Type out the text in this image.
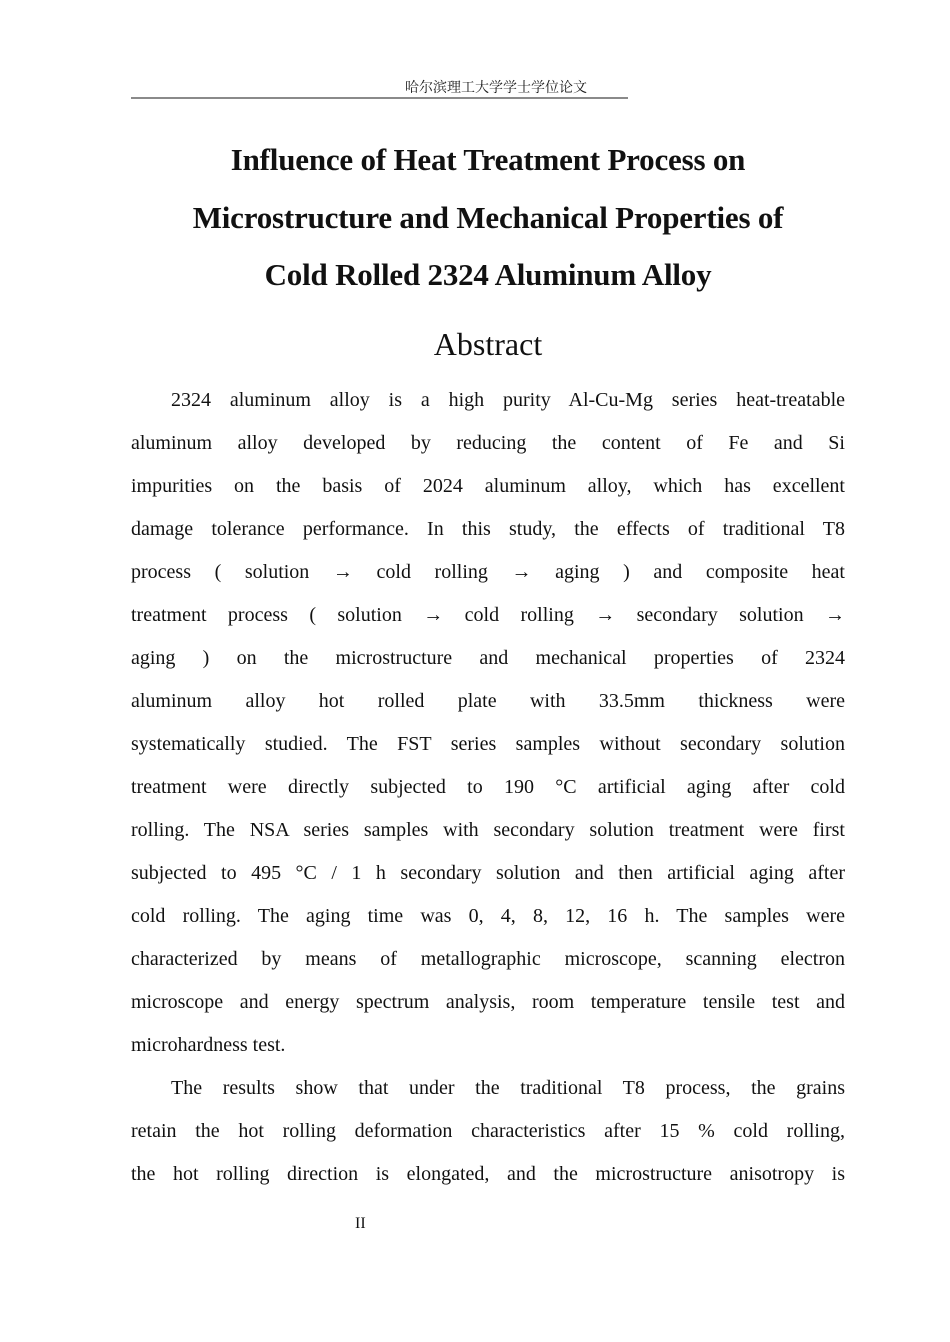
哈尔滨理工大学学士学位论文
Influence of Heat Treatment Process on
Microstructure and Mechanical Properties of
Cold Rolled 2324 Aluminum Alloy
Abstract
2324 aluminum alloy is a high purity Al-Cu-Mg series heat-treatable
aluminum alloy developed by reducing the content of Fe and Si
impurities on the basis of 2024 aluminum alloy, which has excellent
damage tolerance performance. In this study, the effects of traditional T8
process ( solution → cold rolling → aging ) and composite heat
treatment process ( solution → cold rolling → secondary solution →
aging ) on the microstructure and mechanical properties of 2324
aluminum alloy hot rolled plate with 33.5mm thickness were
systematically studied. The FST series samples without secondary solution
treatment were directly subjected to 190 °C artificial aging after cold
rolling. The NSA series samples with secondary solution treatment were first
subjected to 495 °C / 1 h secondary solution and then artificial aging after
cold rolling. The aging time was 0, 4, 8, 12, 16 h. The samples were
characterized by means of metallographic microscope, scanning electron
microscope and energy spectrum analysis, room temperature tensile test and
microhardness test.
The results show that under the traditional T8 process, the grains
retain the hot rolling deformation characteristics after 15 % cold rolling,
the hot rolling direction is elongated, and the microstructure anisotropy is
II
